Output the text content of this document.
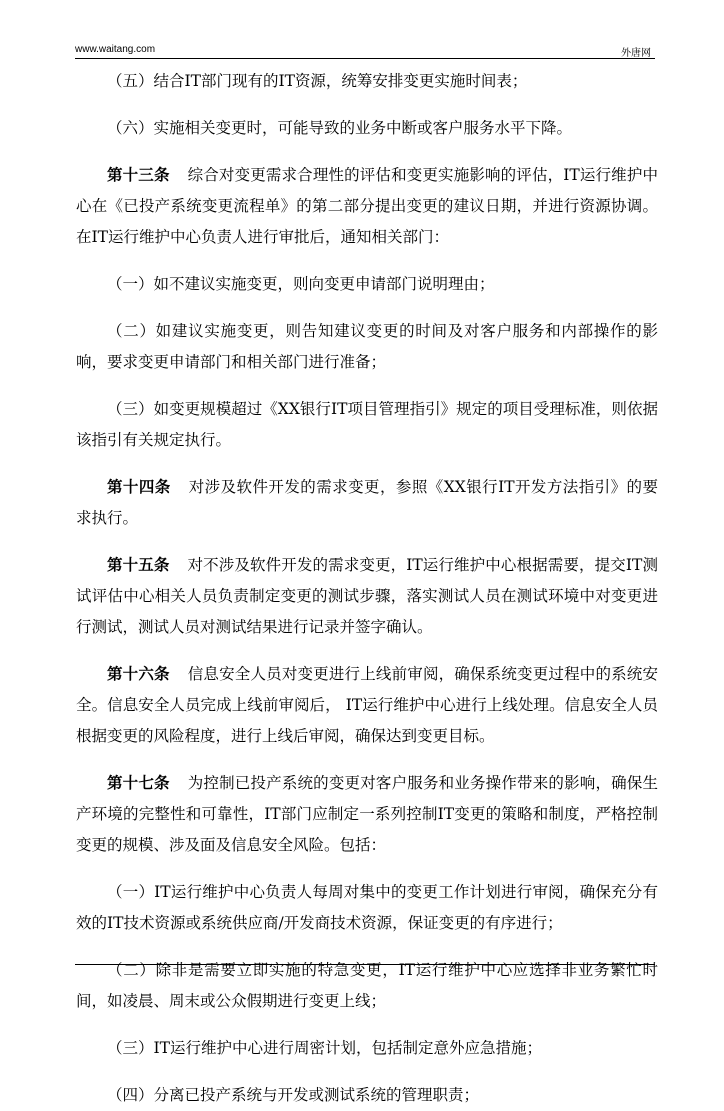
www.waitang.com	外唐网

（五）结合IT部门现有的IT资源，统筹安排变更实施时间表；

（六）实施相关变更时，可能导致的业务中断或客户服务水平下降。

第十三条 综合对变更需求合理性的评估和变更实施影响的评估，IT运行维护中心在《已投产系统变更流程单》的第二部分提出变更的建议日期，并进行资源协调。在IT运行维护中心负责人进行审批后，通知相关部门：

（一）如不建议实施变更，则向变更申请部门说明理由；

（二）如建议实施变更，则告知建议变更的时间及对客户服务和内部操作的影响，要求变更申请部门和相关部门进行准备；

（三）如变更规模超过《XX银行IT项目管理指引》规定的项目受理标准，则依据该指引有关规定执行。

第十四条 对涉及软件开发的需求变更，参照《XX银行IT开发方法指引》的要求执行。

第十五条 对不涉及软件开发的需求变更，IT运行维护中心根据需要，提交IT测试评估中心相关人员负责制定变更的测试步骤，落实测试人员在测试环境中对变更进行测试，测试人员对测试结果进行记录并签字确认。

第十六条 信息安全人员对变更进行上线前审阅，确保系统变更过程中的系统安全。信息安全人员完成上线前审阅后， IT运行维护中心进行上线处理。信息安全人员根据变更的风险程度，进行上线后审阅，确保达到变更目标。

第十七条 为控制已投产系统的变更对客户服务和业务操作带来的影响，确保生产环境的完整性和可靠性，IT部门应制定一系列控制IT变更的策略和制度，严格控制变更的规模、涉及面及信息安全风险。包括：

（一）IT运行维护中心负责人每周对集中的变更工作计划进行审阅，确保充分有效的IT技术资源或系统供应商/开发商技术资源，保证变更的有序进行；

（二）除非是需要立即实施的特急变更，IT运行维护中心应选择非业务繁忙时间，如凌晨、周末或公众假期进行变更上线；

（三）IT运行维护中心进行周密计划，包括制定意外应急措施；

（四）分离已投产系统与开发或测试系统的管理职责；
